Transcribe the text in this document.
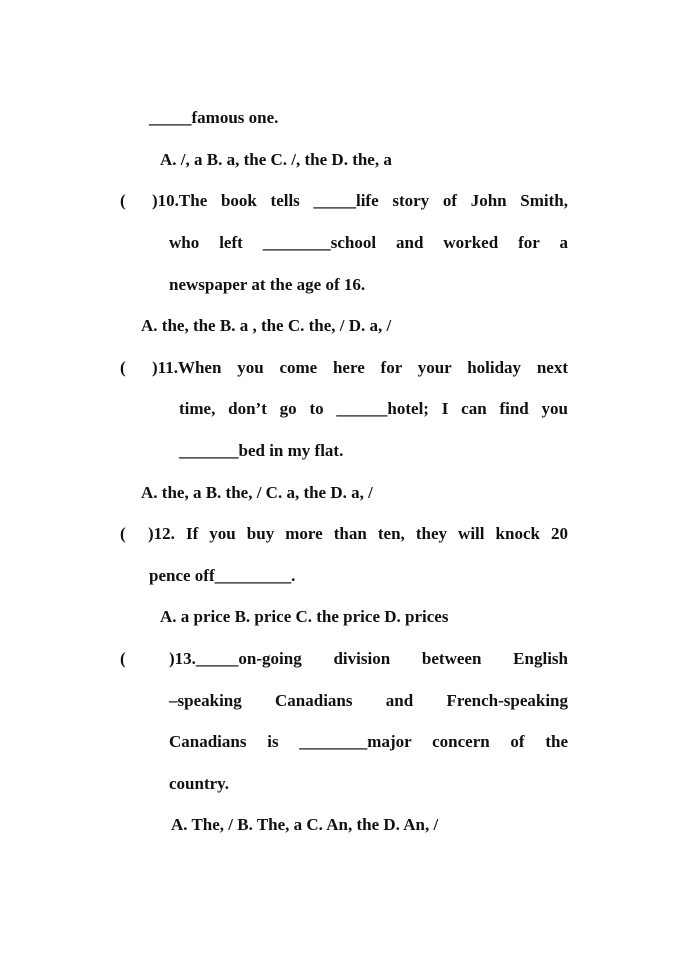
_____famous one.
A. /, a B. a, the C. /, the D. the, a
( )10.The book tells _____life story of John Smith,
who left ________school and worked for a
newspaper at the age of 16.
A. the, the B. a , the C. the, / D. a, /
( )11.When you come here for your holiday next
time, don’t go to ______hotel; I can find you
_______bed in my flat.
A. the, a B. the, / C. a, the D. a, /
( )12. If you buy more than ten, they will knock 20
pence off_________.
A. a price B. price C. the price D. prices
(	)13._____on-going division between English
–speaking Canadians and French-speaking
Canadians is ________major concern of the
country.
A. The, / B. The, a C. An, the D. An, /
